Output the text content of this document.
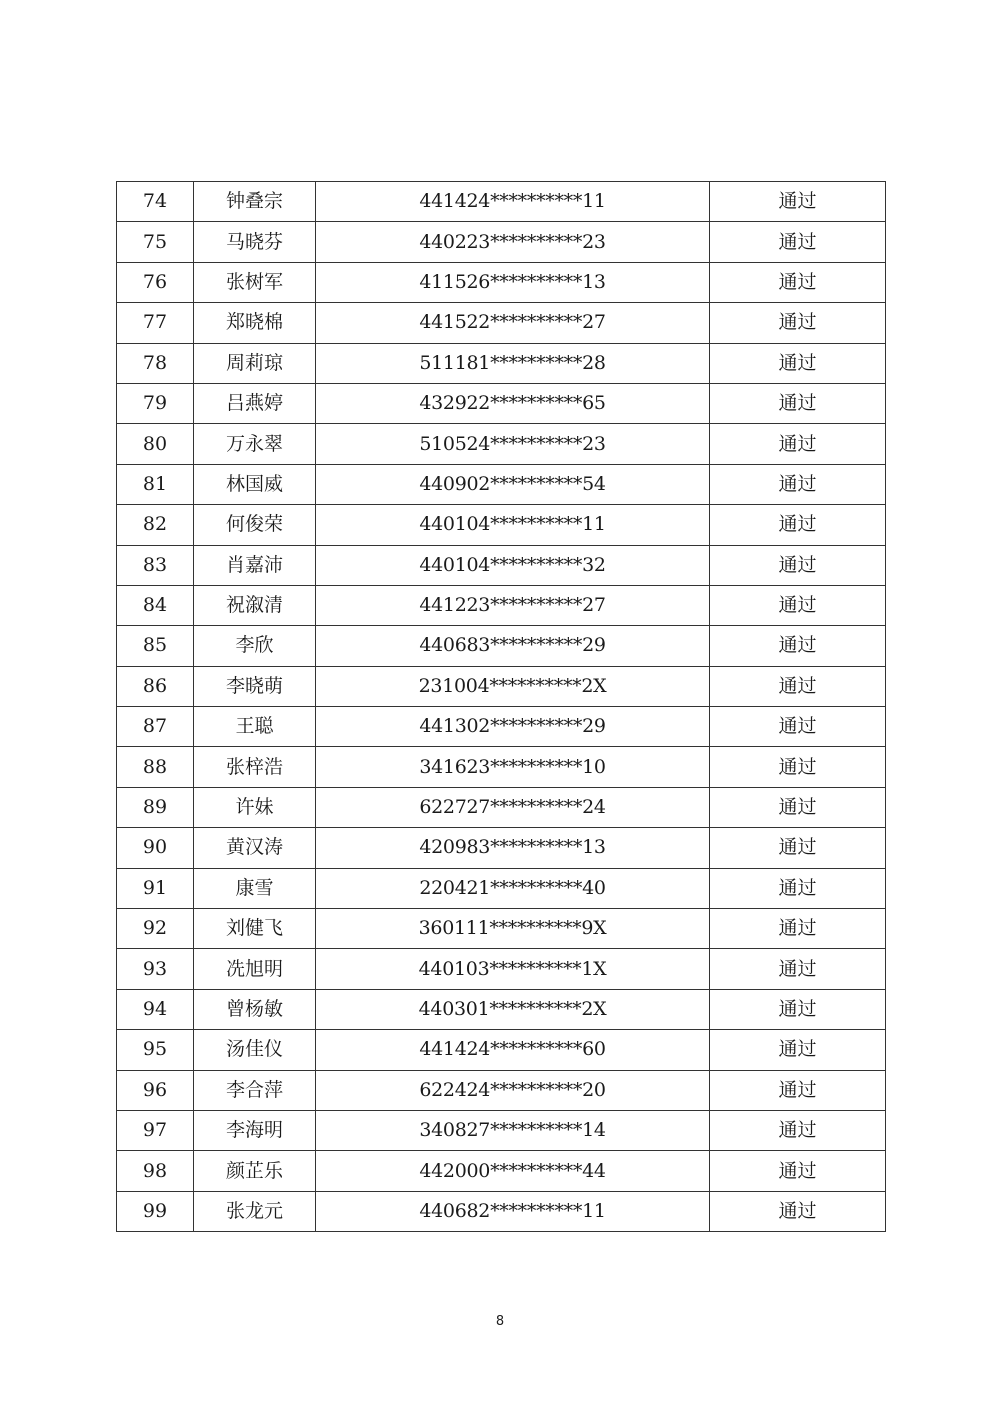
74	钟叠宗	441424**********11	通过
75	马晓芬	440223**********23	通过
76	张树军	411526**********13	通过
77	郑晓棉	441522**********27	通过
78	周莉琼	511181**********28	通过
79	吕燕婷	432922**********65	通过
80	万永翠	510524**********23	通过
81	林国威	440902**********54	通过
82	何俊荣	440104**********11	通过
83	肖嘉沛	440104**********32	通过
84	祝溆清	441223**********27	通过
85	李欣	440683**********29	通过
86	李晓萌	231004**********2X	通过
87	王聪	441302**********29	通过
88	张梓浩	341623**********10	通过
89	许妹	622727**********24	通过
90	黄汉涛	420983**********13	通过
91	康雪	220421**********40	通过
92	刘健飞	360111**********9X	通过
93	冼旭明	440103**********1X	通过
94	曾杨敏	440301**********2X	通过
95	汤佳仪	441424**********60	通过
96	李合萍	622424**********20	通过
97	李海明	340827**********14	通过
98	颜芷乐	442000**********44	通过
99	张龙元	440682**********11	通过
8
